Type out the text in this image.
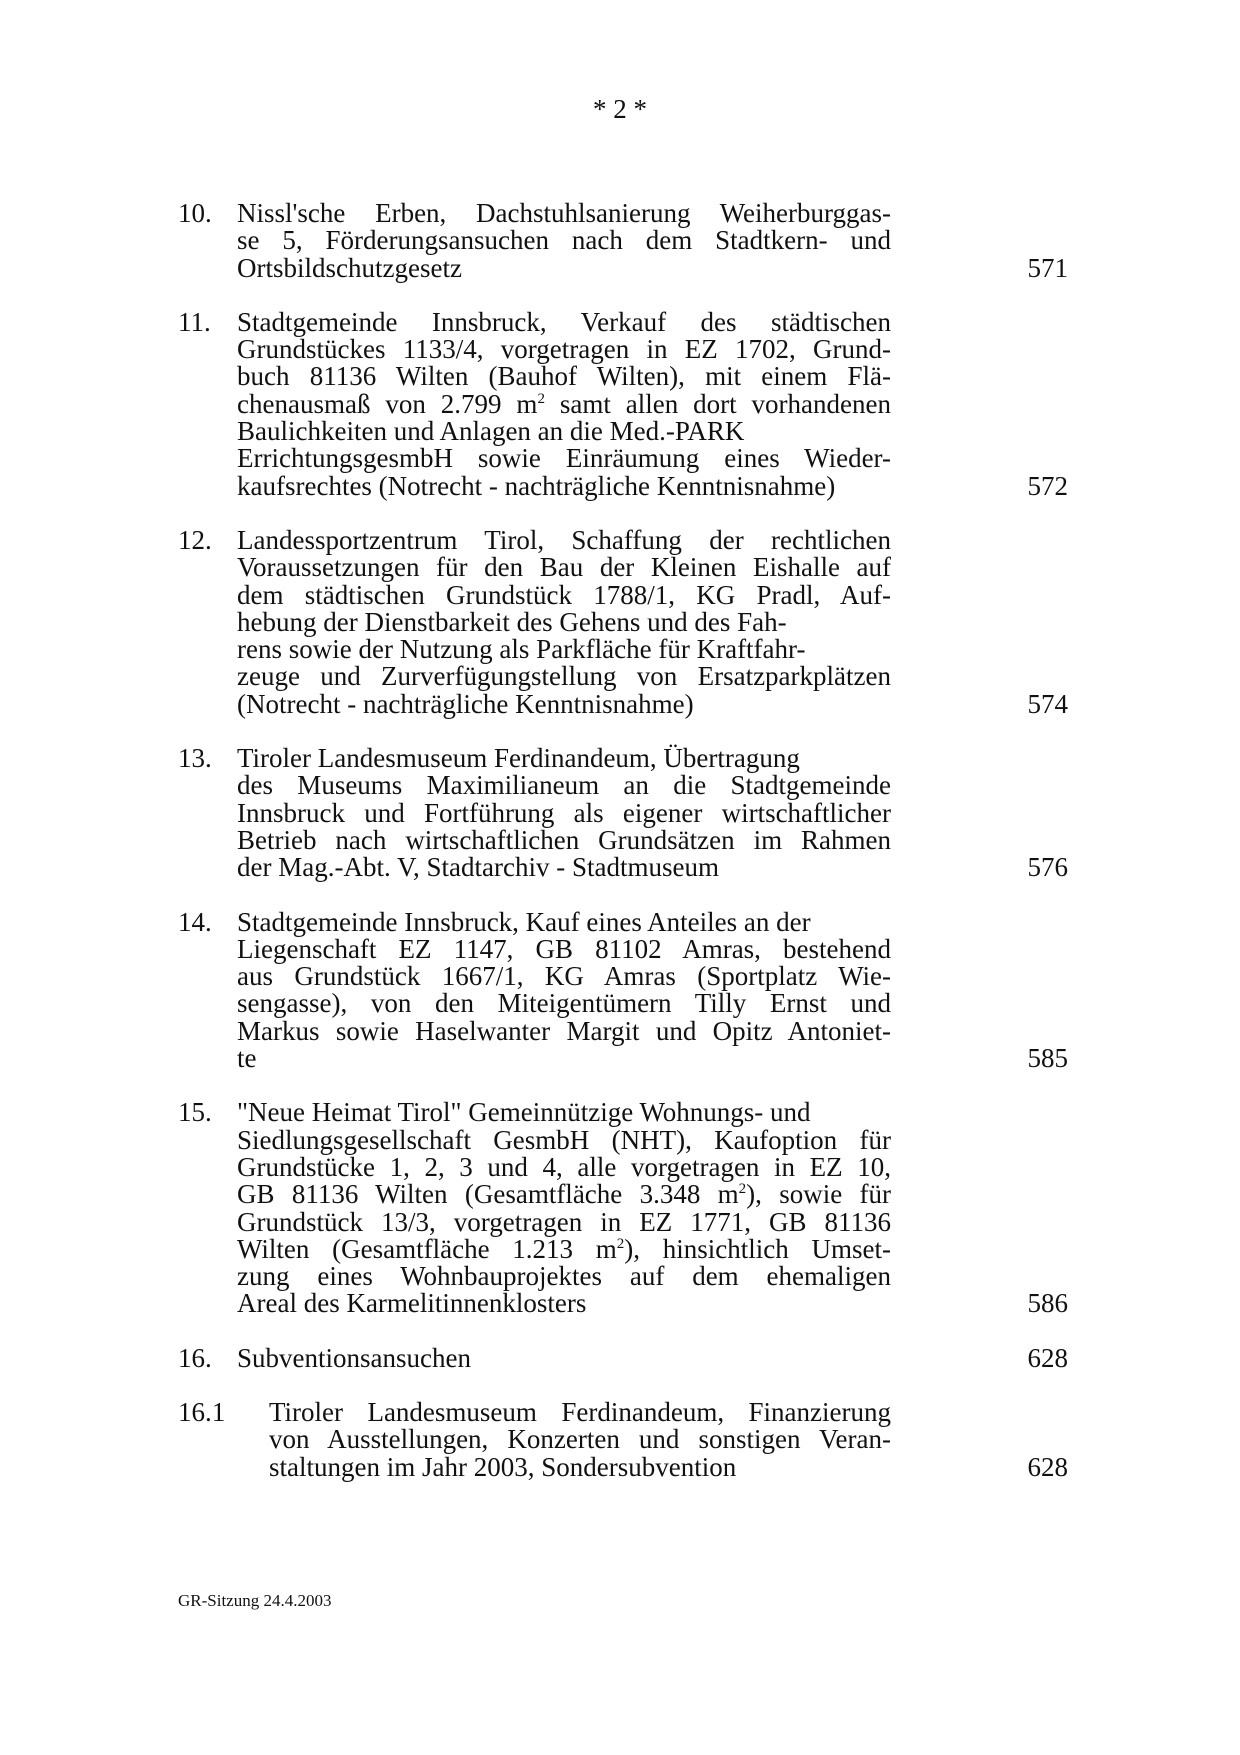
* 2 *
10. Nissl'sche Erben, Dachstuhlsanierung Weiherburggas-
se 5, Förderungsansuchen nach dem Stadtkern- und
Ortsbildschutzgesetz	571
11. Stadtgemeinde Innsbruck, Verkauf des städtischen
Grundstückes 1133/4, vorgetragen in EZ 1702, Grund-
buch 81136 Wilten (Bauhof Wilten), mit einem Flä-
chenausmaß von 2.799 $m^2$ samt allen dort vorhandenen
Baulichkeiten und Anlagen an die Med.-PARK
ErrichtungsgesmbH sowie Einräumung eines Wieder-
kaufsrechtes (Notrecht - nachträgliche Kenntnisnahme)	572
12. Landessportzentrum Tirol, Schaffung der rechtlichen
Voraussetzungen für den Bau der Kleinen Eishalle auf
dem städtischen Grundstück 1788/1, KG Pradl, Auf-
hebung der Dienstbarkeit des Gehens und des Fah-
rens sowie der Nutzung als Parkfläche für Kraftfahr-
zeuge und Zurverfügungstellung von Ersatzparkplätzen
(Notrecht - nachträgliche Kenntnisnahme)	574
13. Tiroler Landesmuseum Ferdinandeum, Übertragung
des Museums Maximilianeum an die Stadtgemeinde
Innsbruck und Fortführung als eigener wirtschaftlicher
Betrieb nach wirtschaftlichen Grundsätzen im Rahmen
der Mag.-Abt. V, Stadtarchiv - Stadtmuseum	576
14. Stadtgemeinde Innsbruck, Kauf eines Anteiles an der
Liegenschaft EZ 1147, GB 81102 Amras, bestehend
aus Grundstück 1667/1, KG Amras (Sportplatz Wie-
sengasse), von den Miteigentümern Tilly Ernst und
Markus sowie Haselwanter Margit und Opitz Antoniet-
te	585
15. "Neue Heimat Tirol" Gemeinnützige Wohnungs- und
Siedlungsgesellschaft GesmbH (NHT), Kaufoption für
Grundstücke 1, 2, 3 und 4, alle vorgetragen in EZ 10,
GB 81136 Wilten (Gesamtfläche 3.348 $m^2$), sowie für
Grundstück 13/3, vorgetragen in EZ 1771, GB 81136
Wilten (Gesamtfläche 1.213 $m^2$), hinsichtlich Umset-
zung eines Wohnbauprojektes auf dem ehemaligen
Areal des Karmelitinnenklosters	586
16. Subventionsansuchen	628
16.1 Tiroler Landesmuseum Ferdinandeum, Finanzierung
von Ausstellungen, Konzerten und sonstigen Veran-
staltungen im Jahr 2003, Sondersubvention	628
GR-Sitzung 24.4.2003
